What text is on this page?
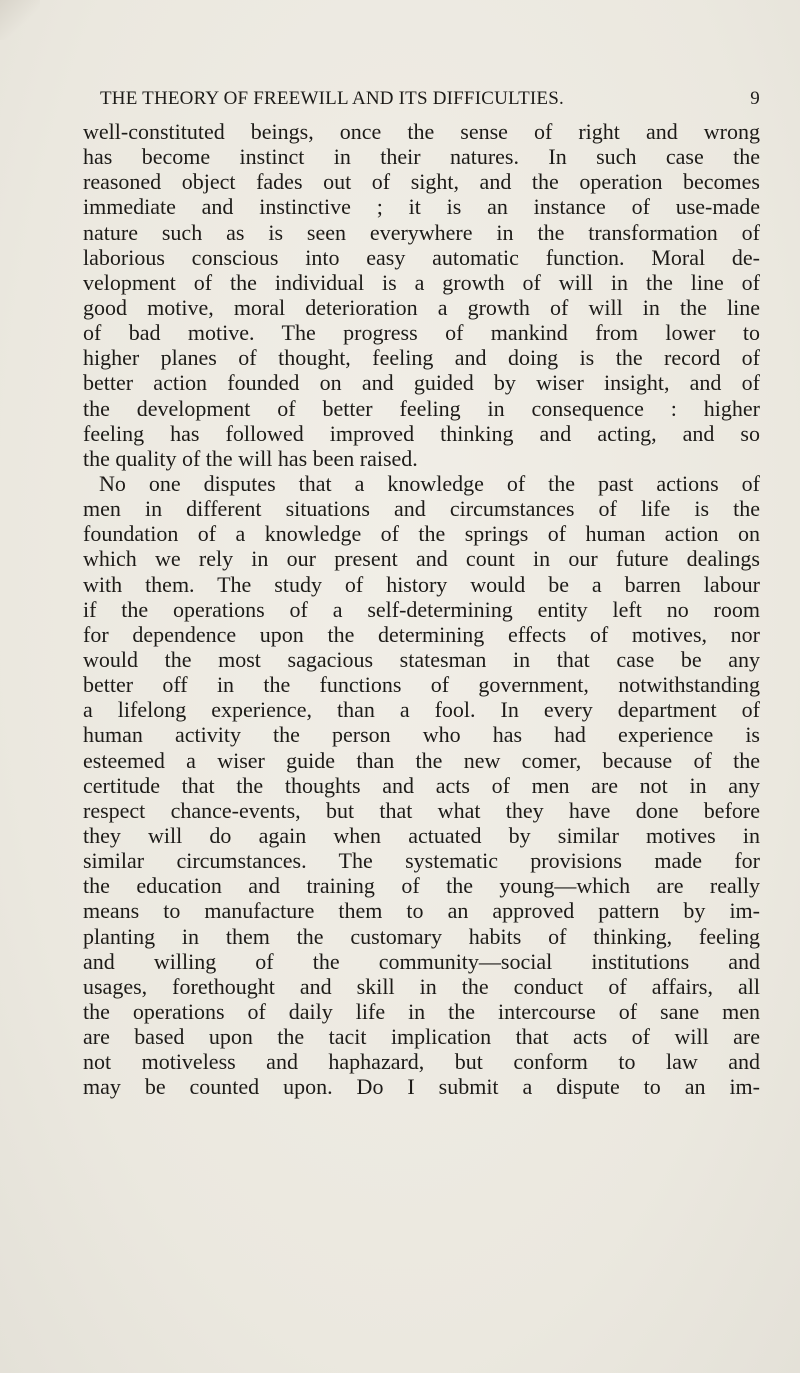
THE THEORY OF FREEWILL AND ITS DIFFICULTIES.	9
well-constituted beings, once the sense of right and wrong
has become instinct in their natures. In such case the
reasoned object fades out of sight, and the operation becomes
immediate and instinctive ; it is an instance of use-made
nature such as is seen everywhere in the transformation of
laborious conscious into easy automatic function. Moral de-
velopment of the individual is a growth of will in the line of
good motive, moral deterioration a growth of will in the line
of bad motive. The progress of mankind from lower to
higher planes of thought, feeling and doing is the record of
better action founded on and guided by wiser insight, and of
the development of better feeling in consequence : higher
feeling has followed improved thinking and acting, and so
the quality of the will has been raised.
No one disputes that a knowledge of the past actions of
men in different situations and circumstances of life is the
foundation of a knowledge of the springs of human action on
which we rely in our present and count in our future dealings
with them. The study of history would be a barren labour
if the operations of a self-determining entity left no room
for dependence upon the determining effects of motives, nor
would the most sagacious statesman in that case be any
better off in the functions of government, notwithstanding
a lifelong experience, than a fool. In every department of
human activity the person who has had experience is
esteemed a wiser guide than the new comer, because of the
certitude that the thoughts and acts of men are not in any
respect chance-events, but that what they have done before
they will do again when actuated by similar motives in
similar circumstances. The systematic provisions made for
the education and training of the young—which are really
means to manufacture them to an approved pattern by im-
planting in them the customary habits of thinking, feeling
and willing of the community—social institutions and
usages, forethought and skill in the conduct of affairs, all
the operations of daily life in the intercourse of sane men
are based upon the tacit implication that acts of will are
not motiveless and haphazard, but conform to law and
may be counted upon. Do I submit a dispute to an im-
